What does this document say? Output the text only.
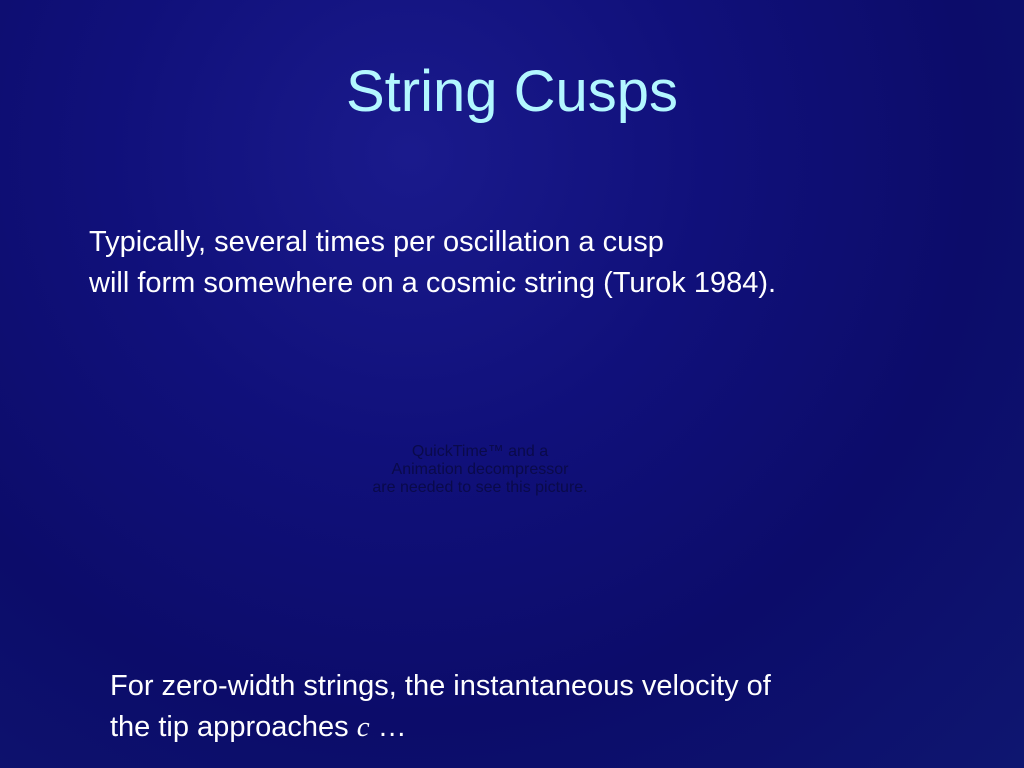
String Cusps
Typically, several times per oscillation a cusp
will form somewhere on a cosmic string (Turok 1984).
QuickTime™ and a
Animation decompressor
are needed to see this picture.
For zero-width strings, the instantaneous velocity of
the tip approaches c …
